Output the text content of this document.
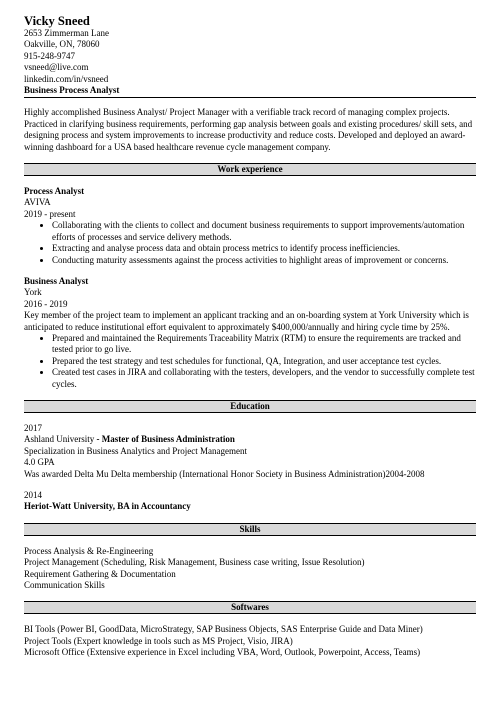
Vicky Sneed
2653 Zimmerman Lane
Oakville, ON, 78060
915-248-9747
vsneed@live.com
linkedin.com/in/vsneed
Business Process Analyst
Highly accomplished Business Analyst/ Project Manager with a verifiable track record of managing complex projects. Practiced in clarifying business requirements, performing gap analysis between goals and existing procedures/ skill sets, and designing process and system improvements to increase productivity and reduce costs. Developed and deployed an award-winning dashboard for a USA based healthcare revenue cycle management company.
Work experience
Process Analyst
AVIVA
2019 - present
• Collaborating with the clients to collect and document business requirements to support improvements/automation efforts of processes and service delivery methods.
• Extracting and analyse process data and obtain process metrics to identify process inefficiencies.
• Conducting maturity assessments against the process activities to highlight areas of improvement or concerns.
Business Analyst
York
2016 - 2019
Key member of the project team to implement an applicant tracking and an on-boarding system at York University which is anticipated to reduce institutional effort equivalent to approximately $400,000/annually and hiring cycle time by 25%.
• Prepared and maintained the Requirements Traceability Matrix (RTM) to ensure the requirements are tracked and tested prior to go live.
• Prepared the test strategy and test schedules for functional, QA, Integration, and user acceptance test cycles.
• Created test cases in JIRA and collaborating with the testers, developers, and the vendor to successfully complete test cycles.
Education
2017
Ashland University - Master of Business Administration
Specialization in Business Analytics and Project Management
4.0 GPA
Was awarded Delta Mu Delta membership (International Honor Society in Business Administration)2004-2008
2014
Heriot-Watt University, BA in Accountancy
Skills
Process Analysis & Re-Engineering
Project Management (Scheduling, Risk Management, Business case writing, Issue Resolution)
Requirement Gathering & Documentation
Communication Skills
Softwares
BI Tools (Power BI, GoodData, MicroStrategy, SAP Business Objects, SAS Enterprise Guide and Data Miner)
Project Tools (Expert knowledge in tools such as MS Project, Visio, JIRA)
Microsoft Office (Extensive experience in Excel including VBA, Word, Outlook, Powerpoint, Access, Teams)
